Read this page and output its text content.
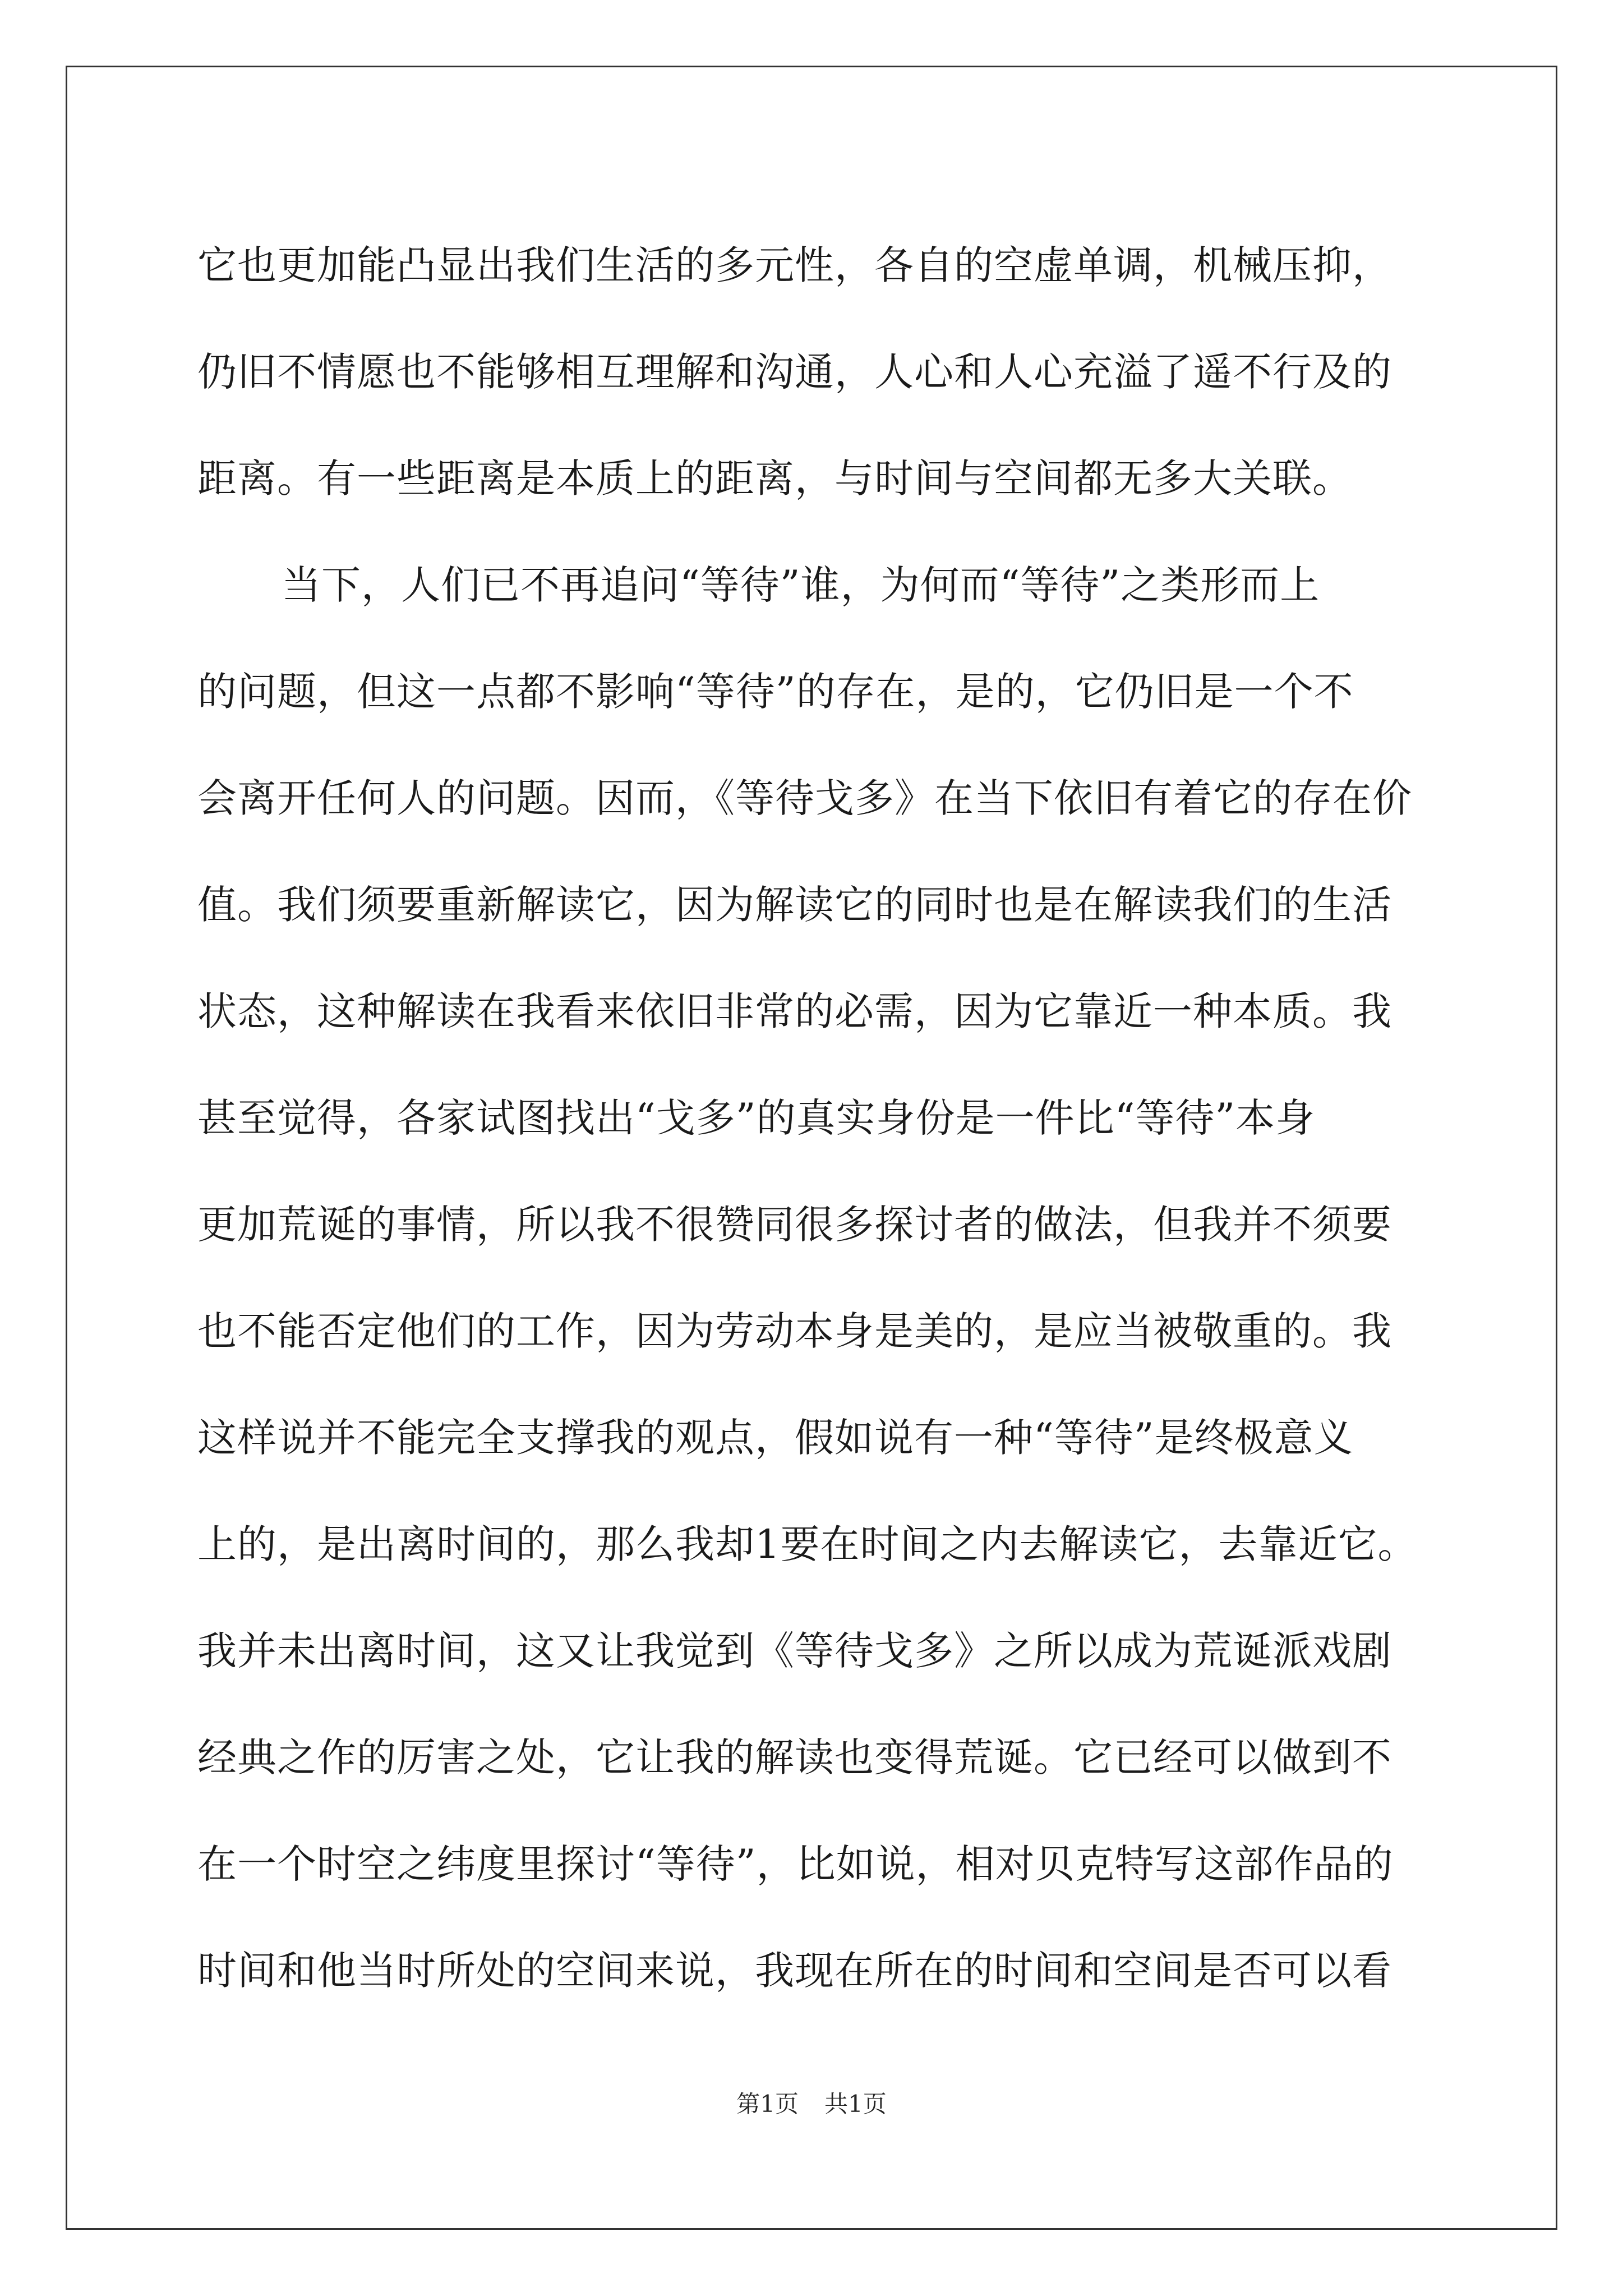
它也更加能凸显出我们生活的多元性，各自的空虚单调，机械压抑，
仍旧不情愿也不能够相互理解和沟通，人心和人心充溢了遥不行及的
距离。有一些距离是本质上的距离，与时间与空间都无多大关联。
当下，人们已不再追问“等待”谁，为何而“等待”之类形而上
的问题，但这一点都不影响“等待”的存在，是的，它仍旧是一个不
会离开任何人的问题。因而，《等待戈多》在当下依旧有着它的存在价
值。我们须要重新解读它，因为解读它的同时也是在解读我们的生活
状态，这种解读在我看来依旧非常的必需，因为它靠近一种本质。我
甚至觉得，各家试图找出“戈多”的真实身份是一件比“等待”本身
更加荒诞的事情，所以我不很赞同很多探讨者的做法，但我并不须要
也不能否定他们的工作，因为劳动本身是美的，是应当被敬重的。我
这样说并不能完全支撑我的观点，假如说有一种“等待”是终极意义
上的，是出离时间的，那么我却1要在时间之内去解读它，去靠近它。
我并未出离时间，这又让我觉到《等待戈多》之所以成为荒诞派戏剧
经典之作的厉害之处，它让我的解读也变得荒诞。它已经可以做到不
在一个时空之纬度里探讨“等待”，比如说，相对贝克特写这部作品的
时间和他当时所处的空间来说，我现在所在的时间和空间是否可以看
第1页 共1页
